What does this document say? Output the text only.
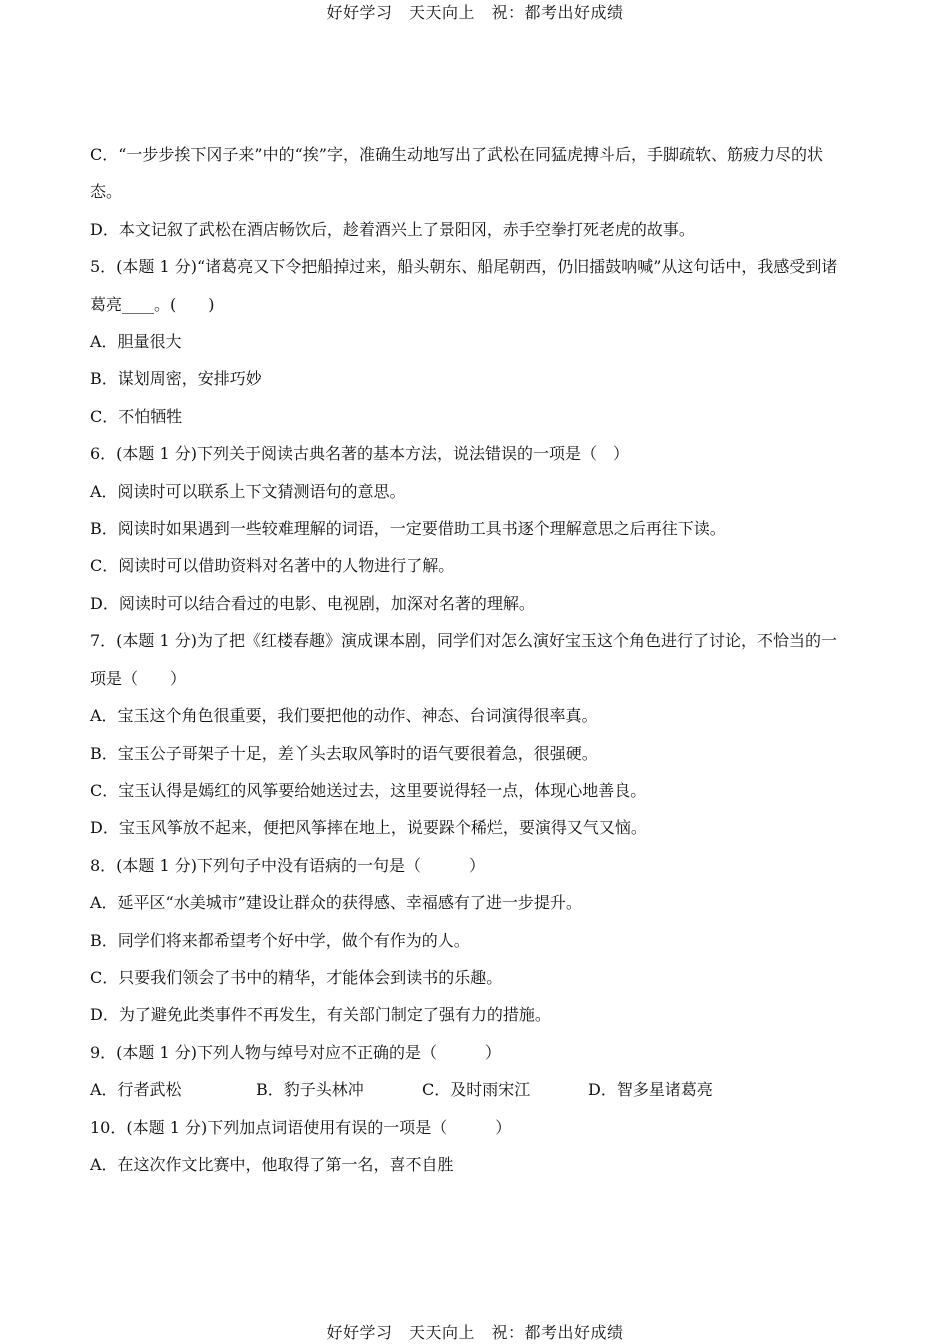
好好学习　天天向上　祝：都考出好成绩
C．“一步步挨下冈子来”中的“挨”字，准确生动地写出了武松在同猛虎搏斗后，手脚疏软、筋疲力尽的状
态。
D．本文记叙了武松在酒店畅饮后，趁着酒兴上了景阳冈，赤手空拳打死老虎的故事。
5．(本题 1 分)“诸葛亮又下令把船掉过来，船头朝东、船尾朝西，仍旧擂鼓呐喊”从这句话中，我感受到诸
葛亮____。(　　)
A．胆量很大
B．谋划周密，安排巧妙
C．不怕牺牲
6．(本题 1 分)下列关于阅读古典名著的基本方法，说法错误的一项是（　）
A．阅读时可以联系上下文猜测语句的意思。
B．阅读时如果遇到一些较难理解的词语，一定要借助工具书逐个理解意思之后再往下读。
C．阅读时可以借助资料对名著中的人物进行了解。
D．阅读时可以结合看过的电影、电视剧，加深对名著的理解。
7．(本题 1 分)为了把《红楼春趣》演成课本剧，同学们对怎么演好宝玉这个角色进行了讨论，不恰当的一
项是（　　）
A．宝玉这个角色很重要，我们要把他的动作、神态、台词演得很率真。
B．宝玉公子哥架子十足，差丫头去取风筝时的语气要很着急，很强硬。
C．宝玉认得是嫣红的风筝要给她送过去，这里要说得轻一点，体现心地善良。
D．宝玉风筝放不起来，便把风筝摔在地上，说要跺个稀烂，要演得又气又恼。
8．(本题 1 分)下列句子中没有语病的一句是（　　　）
A．延平区“水美城市”建设让群众的获得感、幸福感有了进一步提升。
B．同学们将来都希望考个好中学，做个有作为的人。
C．只要我们领会了书中的精华，才能体会到读书的乐趣。
D．为了避免此类事件不再发生，有关部门制定了强有力的措施。
9．(本题 1 分)下列人物与绰号对应不正确的是（　　　）
A．行者武松	B．豹子头林冲	C．及时雨宋江	D．智多星诸葛亮
10．(本题 1 分)下列加点词语使用有误的一项是（　　　）
A．在这次作文比赛中，他取得了第一名，喜不自胜
好好学习　天天向上　祝：都考出好成绩
